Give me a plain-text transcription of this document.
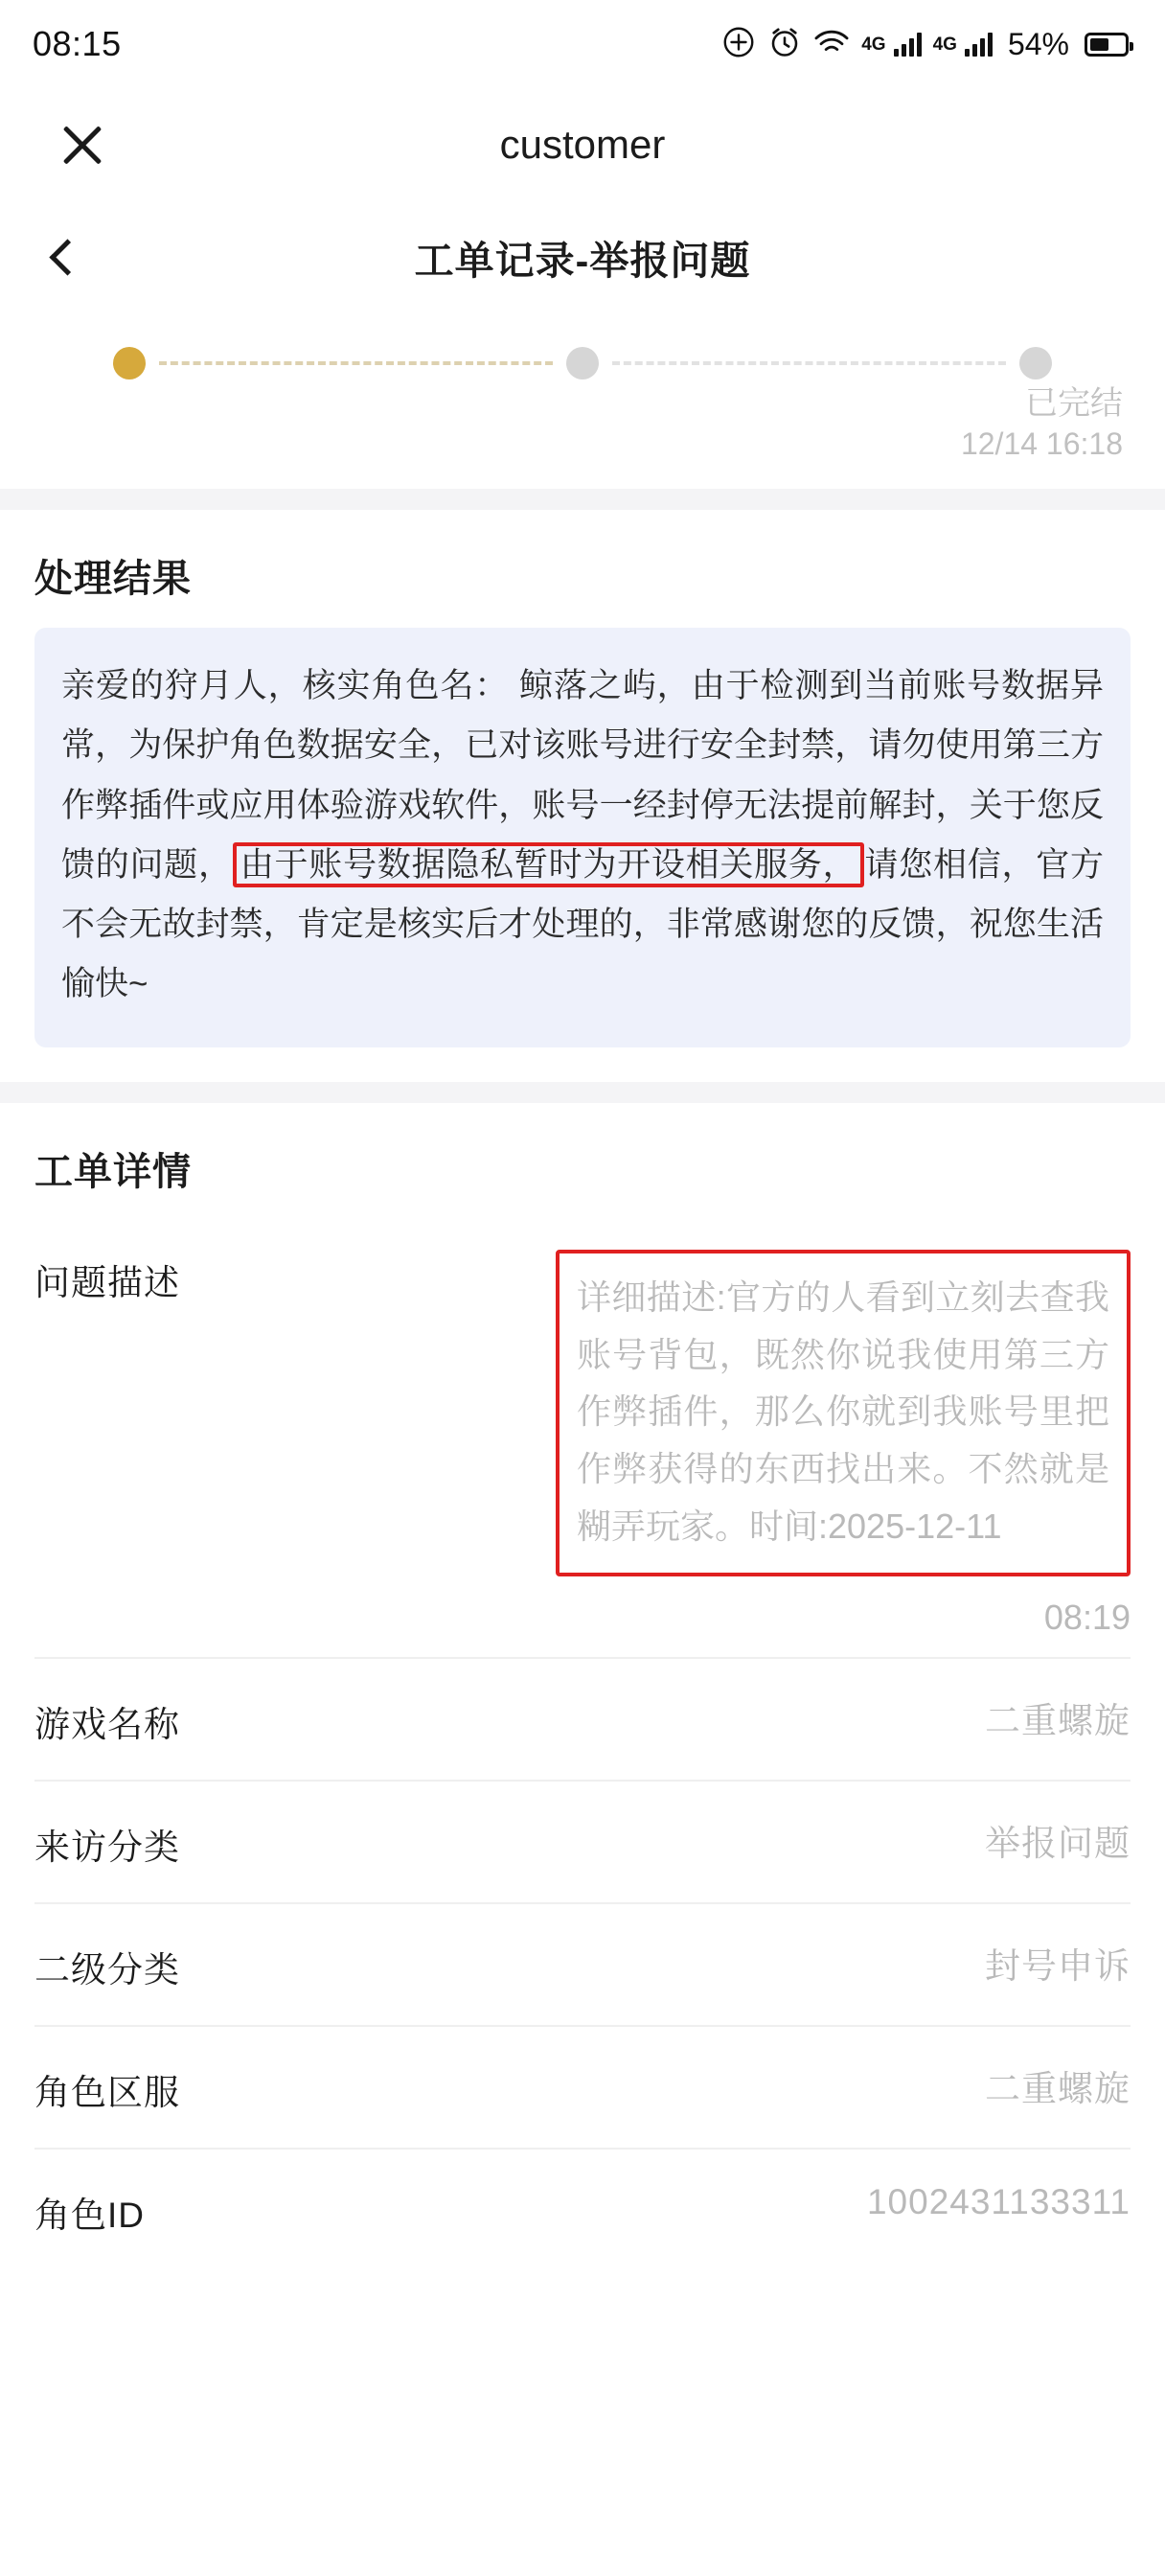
08:15	4G	4G 54%
customer
工单记录-举报问题
已完结
12/14 16:18
处理结果
亲爱的狩月人，核实角色名： 鲸落之屿，由于检测到当前账号数据异常，为保护角色数据安全，已对该账号进行安全封禁，请勿使用第三方作弊插件或应用体验游戏软件，账号一经封停无法提前解封，关于您反馈的问题， 由于账号数据隐私暂时为开设相关服务， 请您相信，官方不会无故封禁，肯定是核实后才处理的，非常感谢您的反馈，祝您生活愉快~
工单详情
问题描述	详细描述:官方的人看到立刻去查我账号背包，既然你说我使用第三方作弊插件，那么你就到我账号里把作弊获得的东西找出来。不然就是糊弄玩家。时间:2025-12-11
08:19
游戏名称	二重螺旋
来访分类	举报问题
二级分类	封号申诉
角色区服	二重螺旋
角色ID	1002431133311
